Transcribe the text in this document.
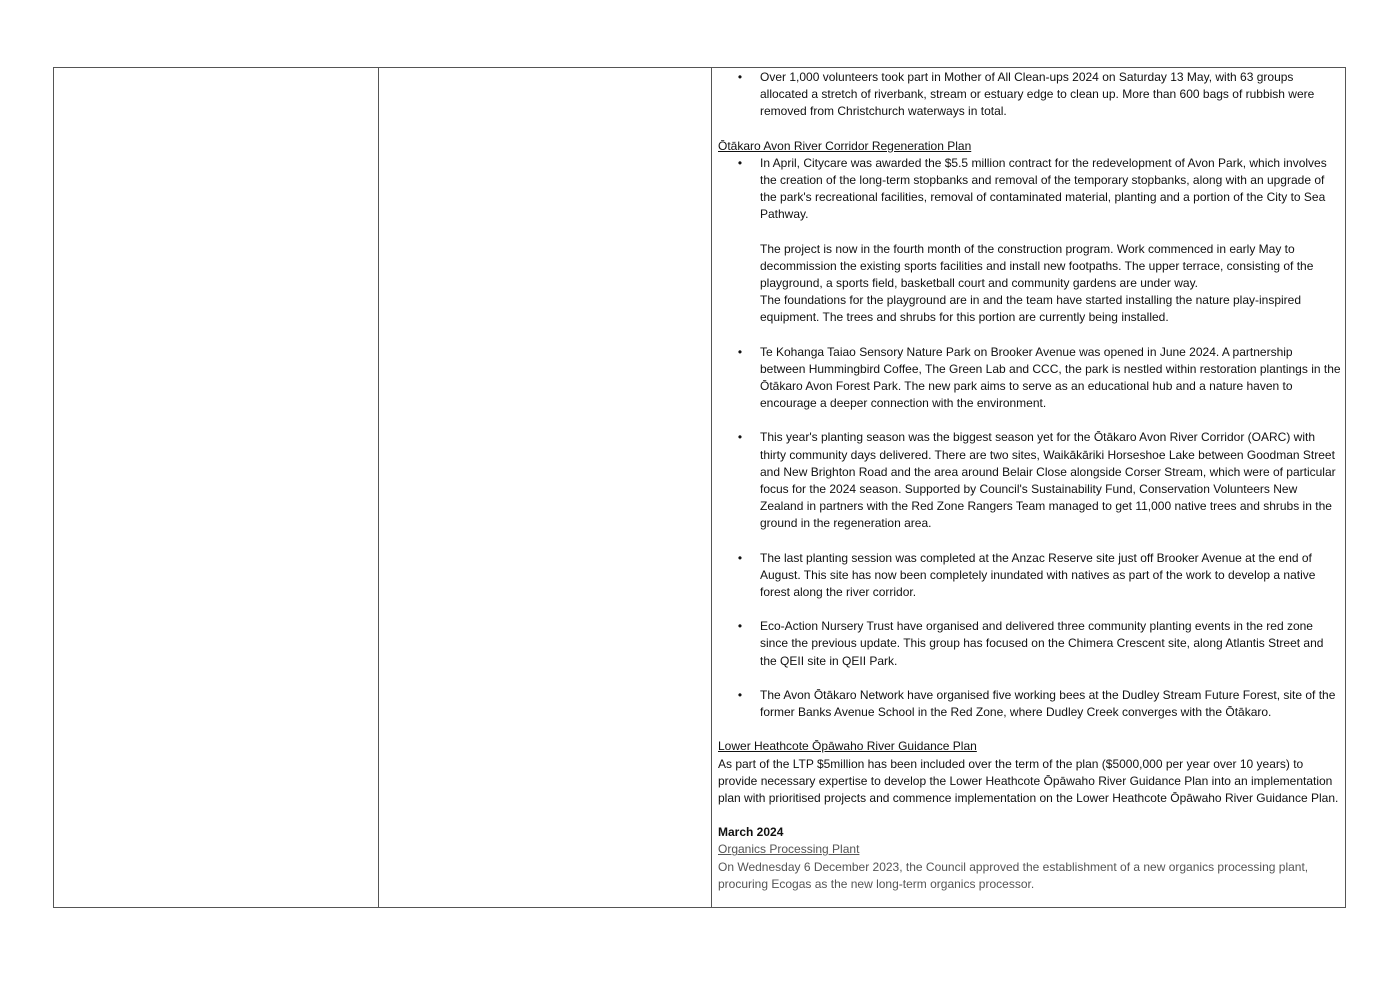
•	Over 1,000 volunteers took part in Mother of All Clean-ups 2024 on Saturday 13 May, with 63 groups allocated a stretch of riverbank, stream or estuary edge to clean up. More than 600 bags of rubbish were removed from Christchurch waterways in total.

Ōtākaro Avon River Corridor Regeneration Plan

•	In April, Citycare was awarded the $5.5 million contract for the redevelopment of Avon Park, which involves the creation of the long-term stopbanks and removal of the temporary stopbanks, along with an upgrade of the park's recreational facilities, removal of contaminated material, planting and a portion of the City to Sea Pathway.

The project is now in the fourth month of the construction program. Work commenced in early May to decommission the existing sports facilities and install new footpaths. The upper terrace, consisting of the playground, a sports field, basketball court and community gardens are under way.

The foundations for the playground are in and the team have started installing the nature play-inspired equipment. The trees and shrubs for this portion are currently being installed.

•	Te Kohanga Taiao Sensory Nature Park on Brooker Avenue was opened in June 2024. A partnership between Hummingbird Coffee, The Green Lab and CCC, the park is nestled within restoration plantings in the Ōtākaro Avon Forest Park. The new park aims to serve as an educational hub and a nature haven to encourage a deeper connection with the environment.

•	This year's planting season was the biggest season yet for the Ōtākaro Avon River Corridor (OARC) with thirty community days delivered. There are two sites, Waikākāriki Horseshoe Lake between Goodman Street and New Brighton Road and the area around Belair Close alongside Corser Stream, which were of particular focus for the 2024 season. Supported by Council's Sustainability Fund, Conservation Volunteers New Zealand in partners with the Red Zone Rangers Team managed to get 11,000 native trees and shrubs in the ground in the regeneration area.

•	The last planting session was completed at the Anzac Reserve site just off Brooker Avenue at the end of August. This site has now been completely inundated with natives as part of the work to develop a native forest along the river corridor.

•	Eco-Action Nursery Trust have organised and delivered three community planting events in the red zone since the previous update. This group has focused on the Chimera Crescent site, along Atlantis Street and the QEII site in QEII Park.

•	The Avon Ōtākaro Network have organised five working bees at the Dudley Stream Future Forest, site of the former Banks Avenue School in the Red Zone, where Dudley Creek converges with the Ōtākaro.

Lower Heathcote Ōpāwaho River Guidance Plan

As part of the LTP $5million has been included over the term of the plan ($5000,000 per year over 10 years) to provide necessary expertise to develop the Lower Heathcote Ōpāwaho River Guidance Plan into an implementation plan with prioritised projects and commence implementation on the Lower Heathcote Ōpāwaho River Guidance Plan.

March 2024

Organics Processing Plant

On Wednesday 6 December 2023, the Council approved the establishment of a new organics processing plant, procuring Ecogas as the new long-term organics processor.
